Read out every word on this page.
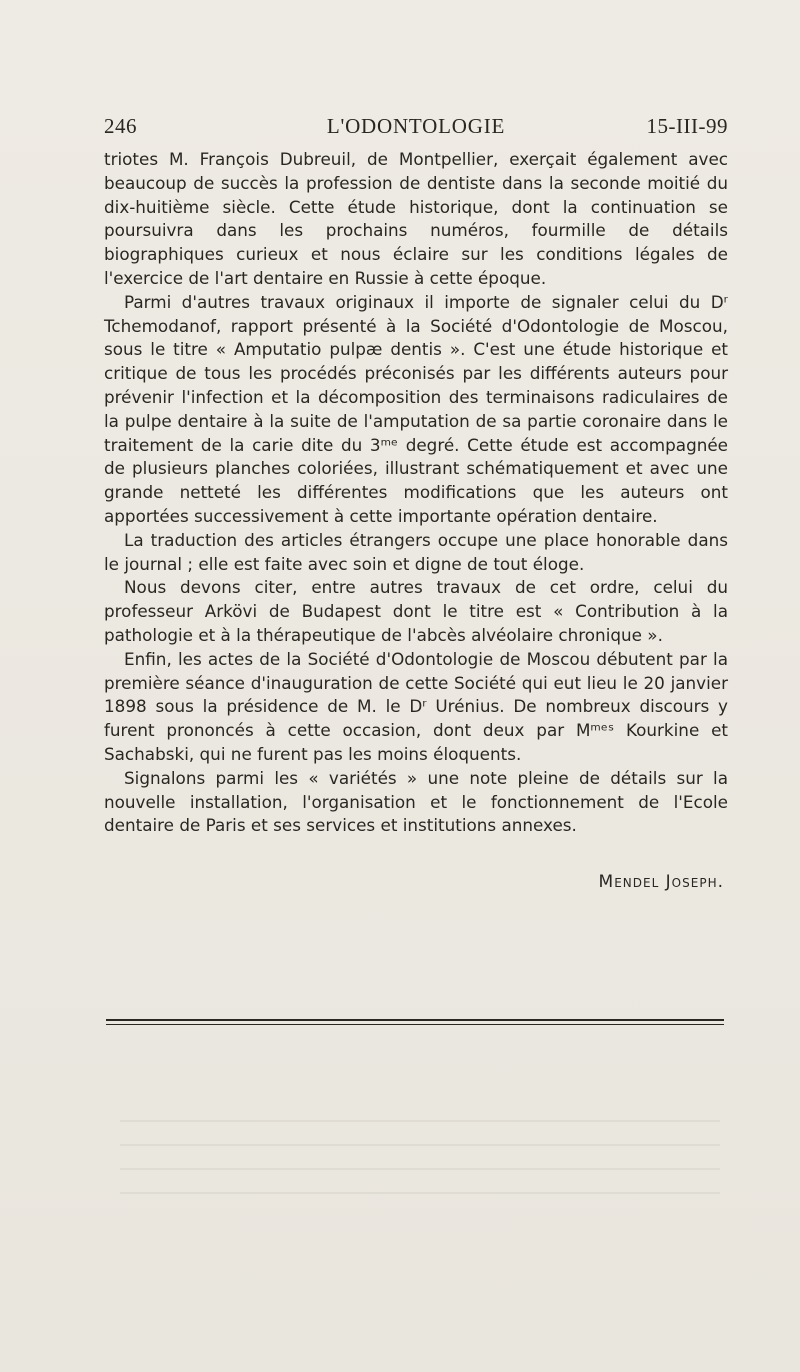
246	L'ODONTOLOGIE	15-III-99

triotes M. François Dubreuil, de Montpellier, exerçait également avec beaucoup de succès la profession de dentiste dans la seconde moitié du dix-huitième siècle. Cette étude historique, dont la continuation se poursuivra dans les prochains numéros, fourmille de détails biographiques curieux et nous éclaire sur les conditions légales de l'exercice de l'art dentaire en Russie à cette époque.

Parmi d'autres travaux originaux il importe de signaler celui du Dʳ Tchemodanof, rapport présenté à la Société d'Odontologie de Moscou, sous le titre « Amputatio pulpæ dentis ». C'est une étude historique et critique de tous les procédés préconisés par les différents auteurs pour prévenir l'infection et la décomposition des terminaisons radiculaires de la pulpe dentaire à la suite de l'amputation de sa partie coronaire dans le traitement de la carie dite du 3ᵐᵉ degré. Cette étude est accompagnée de plusieurs planches coloriées, illustrant schématiquement et avec une grande netteté les différentes modifications que les auteurs ont apportées successivement à cette importante opération dentaire.

La traduction des articles étrangers occupe une place honorable dans le journal ; elle est faite avec soin et digne de tout éloge.

Nous devons citer, entre autres travaux de cet ordre, celui du professeur Arkövi de Budapest dont le titre est « Contribution à la pathologie et à la thérapeutique de l'abcès alvéolaire chronique ».

Enfin, les actes de la Société d'Odontologie de Moscou débutent par la première séance d'inauguration de cette Société qui eut lieu le 20 janvier 1898 sous la présidence de M. le Dʳ Urénius. De nombreux discours y furent prononcés à cette occasion, dont deux par Mᵐᵉˢ Kourkine et Sachabski, qui ne furent pas les moins éloquents.

Signalons parmi les « variétés » une note pleine de détails sur la nouvelle installation, l'organisation et le fonctionnement de l'Ecole dentaire de Paris et ses services et institutions annexes.

Mendel Joseph.
